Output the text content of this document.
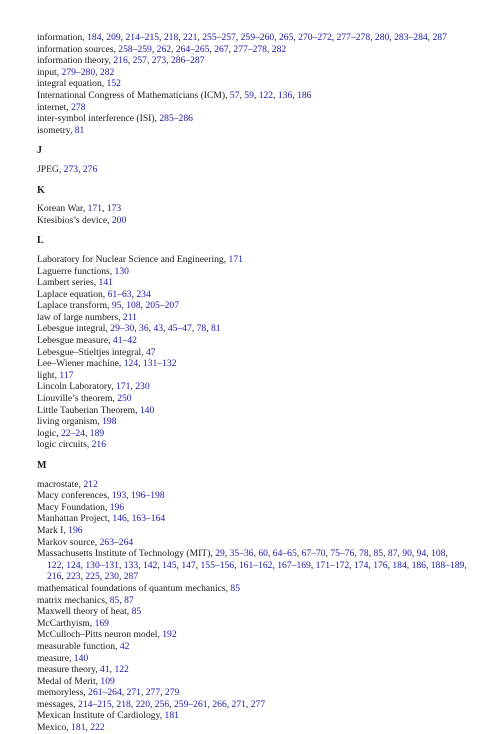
information, 184, 209, 214–215, 218, 221, 255–257, 259–260, 265, 270–272, 277–278, 280, 283–284, 287
information sources, 258–259, 262, 264–265, 267, 277–278, 282
information theory, 216, 257, 273, 286–287
input, 279–280, 282
integral equation, 152
International Congress of Mathematicians (ICM), 57, 59, 122, 136, 186
internet, 278
inter-symbol interference (ISI), 285–286
isometry, 81
J
JPEG, 273, 276
K
Korean War, 171, 173
Ktesibios’s device, 200
L
Laboratory for Nuclear Science and Engineering, 171
Laguerre functions, 130
Lambert series, 141
Laplace equation, 61–63, 234
Laplace transform, 95, 108, 205–207
law of large numbers, 211
Lebesgue integral, 29–30, 36, 43, 45–47, 78, 81
Lebesgue measure, 41–42
Lebesgue–Stieltjes integral, 47
Lee–Wiener machine, 124, 131–132
light, 117
Lincoln Laboratory, 171, 230
Liouville’s theorem, 250
Little Tauberian Theorem, 140
living organism, 198
logic, 22–24, 189
logic circuits, 216
M
macrostate, 212
Macy conferences, 193, 196–198
Macy Foundation, 196
Manhattan Project, 146, 163–164
Mark I, 196
Markov source, 263–264
Massachusetts Institute of Technology (MIT), 29, 35–36, 60, 64–65, 67–70, 75–76, 78, 85, 87, 90, 94, 108, 122, 124, 130–131, 133, 142, 145, 147, 155–156, 161–162, 167–169, 171–172, 174, 176, 184, 186, 188–189, 216, 223, 225, 230, 287
mathematical foundations of quantum mechanics, 85
matrix mechanics, 85, 87
Maxwell theory of heat, 85
McCarthyism, 169
McCulloch–Pitts neuron model, 192
measurable function, 42
measure, 140
measure theory, 41, 122
Medal of Merit, 109
memoryless, 261–264, 271, 277, 279
messages, 214–215, 218, 220, 256, 259–261, 266, 271, 277
Mexican Institute of Cardiology, 181
Mexico, 181, 222
